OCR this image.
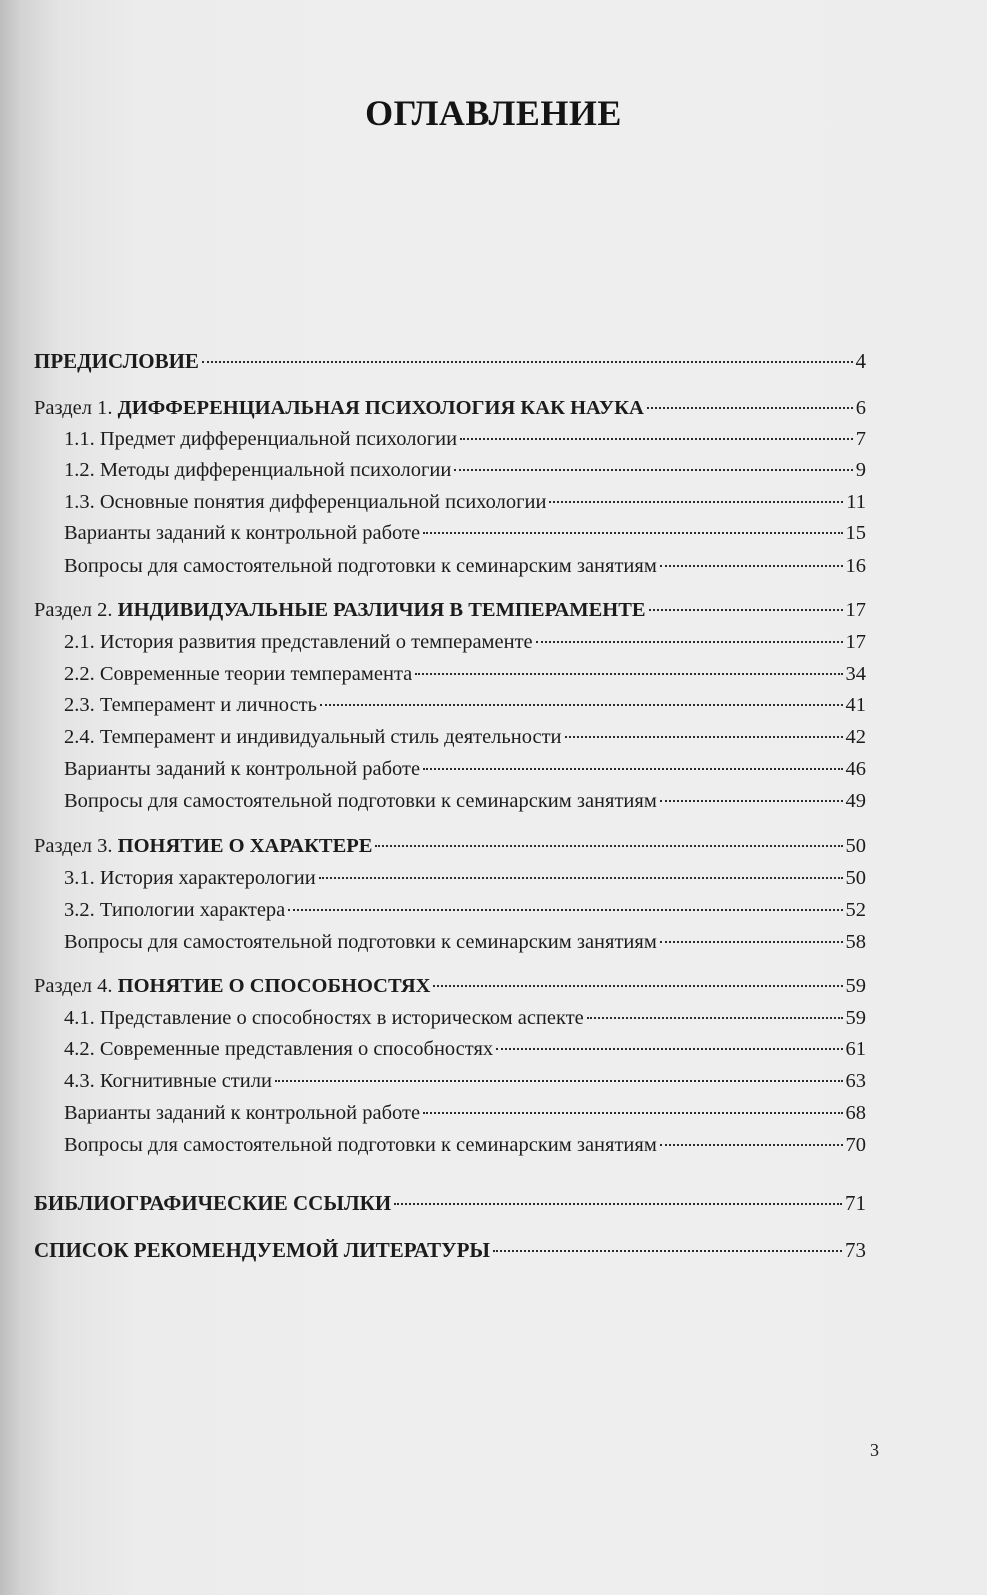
ОГЛАВЛЕНИЕ
ПРЕДИСЛОВИЕ	4
Раздел 1. ДИФФЕРЕНЦИАЛЬНАЯ ПСИХОЛОГИЯ КАК НАУКА	6
1.1. Предмет дифференциальной психологии	7
1.2. Методы дифференциальной психологии	9
1.3. Основные понятия дифференциальной психологии	11
Варианты заданий к контрольной работе	15
Вопросы для самостоятельной подготовки к семинарским занятиям	16
Раздел 2. ИНДИВИДУАЛЬНЫЕ РАЗЛИЧИЯ В ТЕМПЕРАМЕНТЕ	17
2.1. История развития представлений о темпераменте	17
2.2. Современные теории темперамента	34
2.3. Темперамент и личность	41
2.4. Темперамент и индивидуальный стиль деятельности	42
Варианты заданий к контрольной работе	46
Вопросы для самостоятельной подготовки к семинарским занятиям	49
Раздел 3. ПОНЯТИЕ О ХАРАКТЕРЕ	50
3.1. История характерологии	50
3.2. Типологии характера	52
Вопросы для самостоятельной подготовки к семинарским занятиям	58
Раздел 4. ПОНЯТИЕ О СПОСОБНОСТЯХ	59
4.1. Представление о способностях в историческом аспекте	59
4.2. Современные представления о способностях	61
4.3. Когнитивные стили	63
Варианты заданий к контрольной работе	68
Вопросы для самостоятельной подготовки к семинарским занятиям	70
БИБЛИОГРАФИЧЕСКИЕ ССЫЛКИ	71
СПИСОК РЕКОМЕНДУЕМОЙ ЛИТЕРАТУРЫ	73
3
